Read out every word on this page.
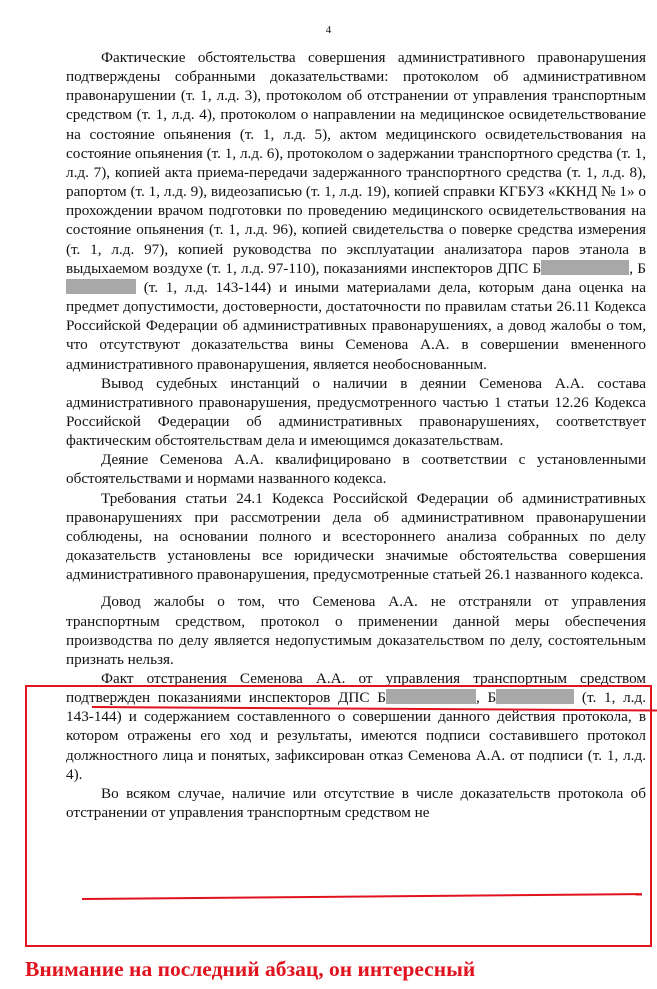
4

Фактические обстоятельства совершения административного правонарушения подтверждены собранными доказательствами: протоколом об административном правонарушении (т. 1, л.д. 3), протоколом об отстранении от управления транспортным средством (т. 1, л.д. 4), протоколом о направлении на медицинское освидетельствование на состояние опьянения (т. 1, л.д. 5), актом медицинского освидетельствования на состояние опьянения (т. 1, л.д. 6), протоколом о задержании транспортного средства (т. 1, л.д. 7), копией акта приема-передачи задержанного транспортного средства (т. 1, л.д. 8), рапортом (т. 1, л.д. 9), видеозаписью (т. 1, л.д. 19), копией справки КГБУЗ «ККНД № 1» о прохождении врачом подготовки по проведению медицинского освидетельствования на состояние опьянения (т. 1, л.д. 96), копией свидетельства о поверке средства измерения (т. 1, л.д. 97), копией руководства по эксплуатации анализатора паров этанола в выдыхаемом воздухе (т. 1, л.д. 97-110), показаниями инспекторов ДПС Б	, Б (т. 1, л.д. 143-144) и иными материалами дела, которым дана оценка на предмет допустимости, достоверности, достаточности по правилам статьи 26.11 Кодекса Российской Федерации об административных правонарушениях, а довод жалобы о том, что отсутствуют доказательства вины Семенова А.А. в совершении вмененного административного правонарушения, является необоснованным.

Вывод судебных инстанций о наличии в деянии Семенова А.А. состава административного правонарушения, предусмотренного частью 1 статьи 12.26 Кодекса Российской Федерации об административных правонарушениях, соответствует фактическим обстоятельствам дела и имеющимся доказательствам.

Деяние Семенова А.А. квалифицировано в соответствии с установленными обстоятельствами и нормами названного кодекса.

Требования статьи 24.1 Кодекса Российской Федерации об административных правонарушениях при рассмотрении дела об административном правонарушении соблюдены, на основании полного и всестороннего анализа собранных по делу доказательств установлены все юридически значимые обстоятельства совершения административного правонарушения, предусмотренные статьей 26.1 названного кодекса.

Довод жалобы о том, что Семенова А.А. не отстраняли от управления транспортным средством, протокол о применении данной меры обеспечения производства по делу является недопустимым доказательством по делу, состоятельным признать нельзя.

Факт отстранения Семенова А.А. от управления транспортным средством подтвержден показаниями инспекторов ДПС Б	, Б	(т. 1, л.д. 143-144) и содержанием составленного о совершении данного действия протокола, в котором отражены его ход и результаты, имеются подписи составившего протокол должностного лица и понятых, зафиксирован отказ Семенова А.А. от подписи (т. 1, л.д. 4).

Во всяком случае, наличие или отсутствие в числе доказательств протокола об отстранении от управления транспортным средством не

Внимание на последний абзац, он интересный
